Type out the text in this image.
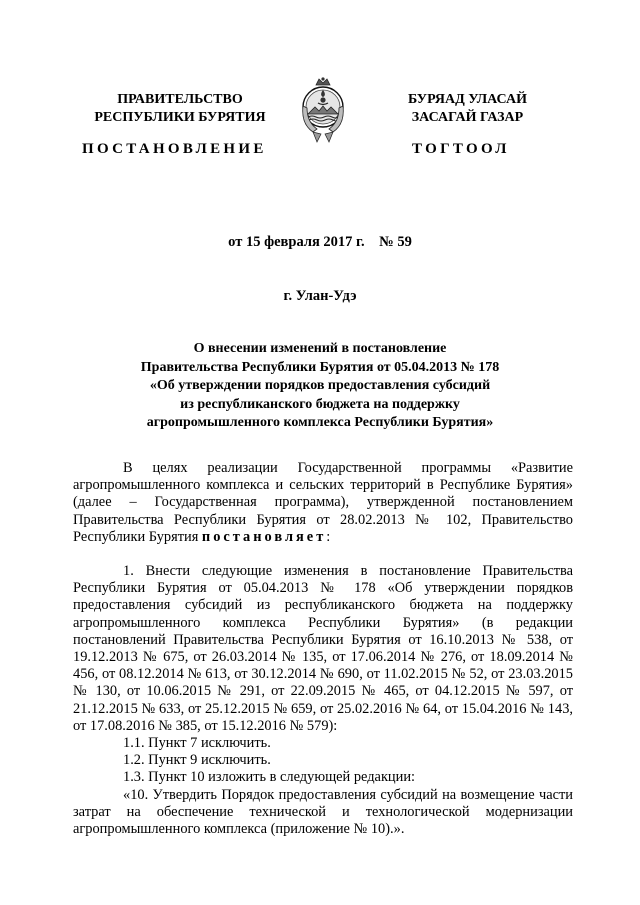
ПРАВИТЕЛЬСТВО
РЕСПУБЛИКИ БУРЯТИЯ
БУРЯАД УЛАСАЙ
ЗАСАГАЙ ГАЗАР
ПОСТАНОВЛЕНИЕ	ТОГТООЛ
от 15 февраля 2017 г.    № 59
г. Улан-Удэ
О внесении изменений в постановление
Правительства Республики Бурятия от 05.04.2013 № 178
«Об утверждении порядков предоставления субсидий
из республиканского бюджета на поддержку
агропромышленного комплекса Республики Бурятия»

В целях реализации Государственной программы «Развитие агропромышленного комплекса и сельских территорий в Республике Бурятия» (далее – Государственная программа), утвержденной постановлением Правительства Республики Бурятия от 28.02.2013 № 102, Правительство Республики Бурятия постановляет:

1. Внести следующие изменения в постановление Правительства Республики Бурятия от 05.04.2013 № 178 «Об утверждении порядков предоставления субсидий из республиканского бюджета на поддержку агропромышленного комплекса Республики Бурятия» (в редакции постановлений Правительства Республики Бурятия от 16.10.2013 № 538, от 19.12.2013 № 675, от 26.03.2014 № 135, от 17.06.2014 № 276, от 18.09.2014 № 456, от 08.12.2014 № 613, от 30.12.2014 № 690, от 11.02.2015 № 52, от 23.03.2015 № 130, от 10.06.2015 № 291, от 22.09.2015 № 465, от 04.12.2015 № 597, от 21.12.2015 № 633, от 25.12.2015 № 659, от 25.02.2016 № 64, от 15.04.2016 № 143, от 17.08.2016 № 385, от 15.12.2016 № 579):

1.1. Пункт 7 исключить.

1.2. Пункт 9 исключить.

1.3. Пункт 10 изложить в следующей редакции:

«10. Утвердить Порядок предоставления субсидий на возмещение части затрат на обеспечение технической и технологической модернизации агропромышленного комплекса (приложение № 10).».
